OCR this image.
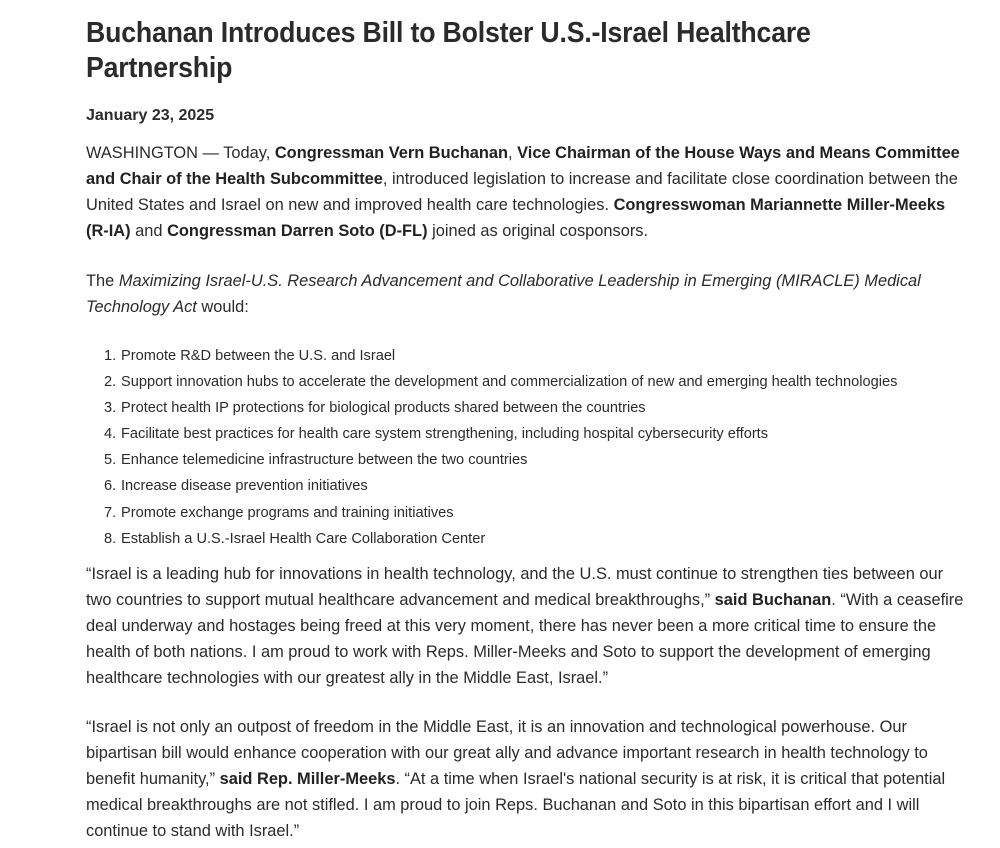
Buchanan Introduces Bill to Bolster U.S.-Israel Healthcare Partnership

January 23, 2025

WASHINGTON — Today, Congressman Vern Buchanan, Vice Chairman of the House Ways and Means Committee and Chair of the Health Subcommittee, introduced legislation to increase and facilitate close coordination between the United States and Israel on new and improved health care technologies. Congresswoman Mariannette Miller-Meeks (R-IA) and Congressman Darren Soto (D-FL) joined as original cosponsors.

The Maximizing Israel-U.S. Research Advancement and Collaborative Leadership in Emerging (MIRACLE) Medical Technology Act would:

1. Promote R&D between the U.S. and Israel
2. Support innovation hubs to accelerate the development and commercialization of new and emerging health technologies
3. Protect health IP protections for biological products shared between the countries
4. Facilitate best practices for health care system strengthening, including hospital cybersecurity efforts
5. Enhance telemedicine infrastructure between the two countries
6. Increase disease prevention initiatives
7. Promote exchange programs and training initiatives
8. Establish a U.S.-Israel Health Care Collaboration Center

“Israel is a leading hub for innovations in health technology, and the U.S. must continue to strengthen ties between our two countries to support mutual healthcare advancement and medical breakthroughs,” said Buchanan. “With a ceasefire deal underway and hostages being freed at this very moment, there has never been a more critical time to ensure the health of both nations. I am proud to work with Reps. Miller-Meeks and Soto to support the development of emerging healthcare technologies with our greatest ally in the Middle East, Israel.”

“Israel is not only an outpost of freedom in the Middle East, it is an innovation and technological powerhouse. Our bipartisan bill would enhance cooperation with our great ally and advance important research in health technology to benefit humanity,” said Rep. Miller-Meeks. “At a time when Israel's national security is at risk, it is critical that potential medical breakthroughs are not stifled. I am proud to join Reps. Buchanan and Soto in this bipartisan effort and I will continue to stand with Israel.”
